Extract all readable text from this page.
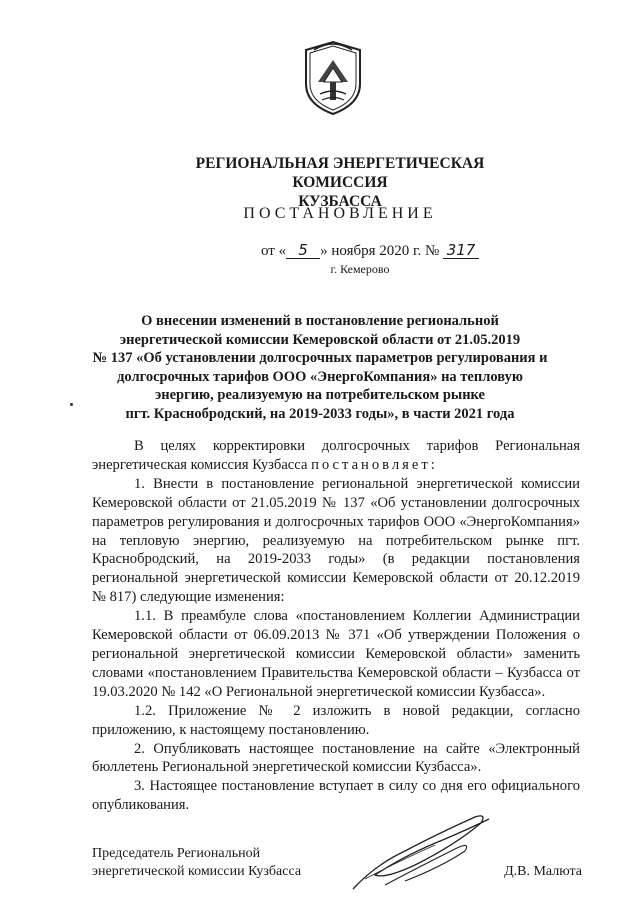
РЕГИОНАЛЬНАЯ ЭНЕРГЕТИЧЕСКАЯ КОМИССИЯ
КУЗБАССА
ПОСТАНОВЛЕНИЕ
от « 5 » ноября 2020 г. № 317
г. Кемерово
О внесении изменений в постановление региональной
энергетической комиссии Кемеровской области от 21.05.2019
№ 137 «Об установлении долгосрочных параметров регулирования и
долгосрочных тарифов ООО «ЭнергоКомпания» на тепловую
энергию, реализуемую на потребительском рынке
пгт. Краснобродский, на 2019-2033 годы», в части 2021 года

В целях корректировки долгосрочных тарифов Региональная энергетическая комиссия Кузбасса постановляет:

1. Внести в постановление региональной энергетической комиссии Кемеровской области от 21.05.2019 № 137 «Об установлении долгосрочных параметров регулирования и долгосрочных тарифов ООО «ЭнергоКомпания» на тепловую энергию, реализуемую на потребительском рынке пгт. Краснобродский, на 2019-2033 годы» (в редакции постановления региональной энергетической комиссии Кемеровской области от 20.12.2019 № 817) следующие изменения:

1.1. В преамбуле слова «постановлением Коллегии Администрации Кемеровской области от 06.09.2013 № 371 «Об утверждении Положения о региональной энергетической комиссии Кемеровской области» заменить словами «постановлением Правительства Кемеровской области – Кузбасса от 19.03.2020 № 142 «О Региональной энергетической комиссии Кузбасса».

1.2. Приложение № 2 изложить в новой редакции, согласно приложению, к настоящему постановлению.

2. Опубликовать настоящее постановление на сайте «Электронный бюллетень Региональной энергетической комиссии Кузбасса».

3. Настоящее постановление вступает в силу со дня его официального опубликования.

Председатель Региональной
энергетической комиссии Кузбасса	Д.В. Малюта
